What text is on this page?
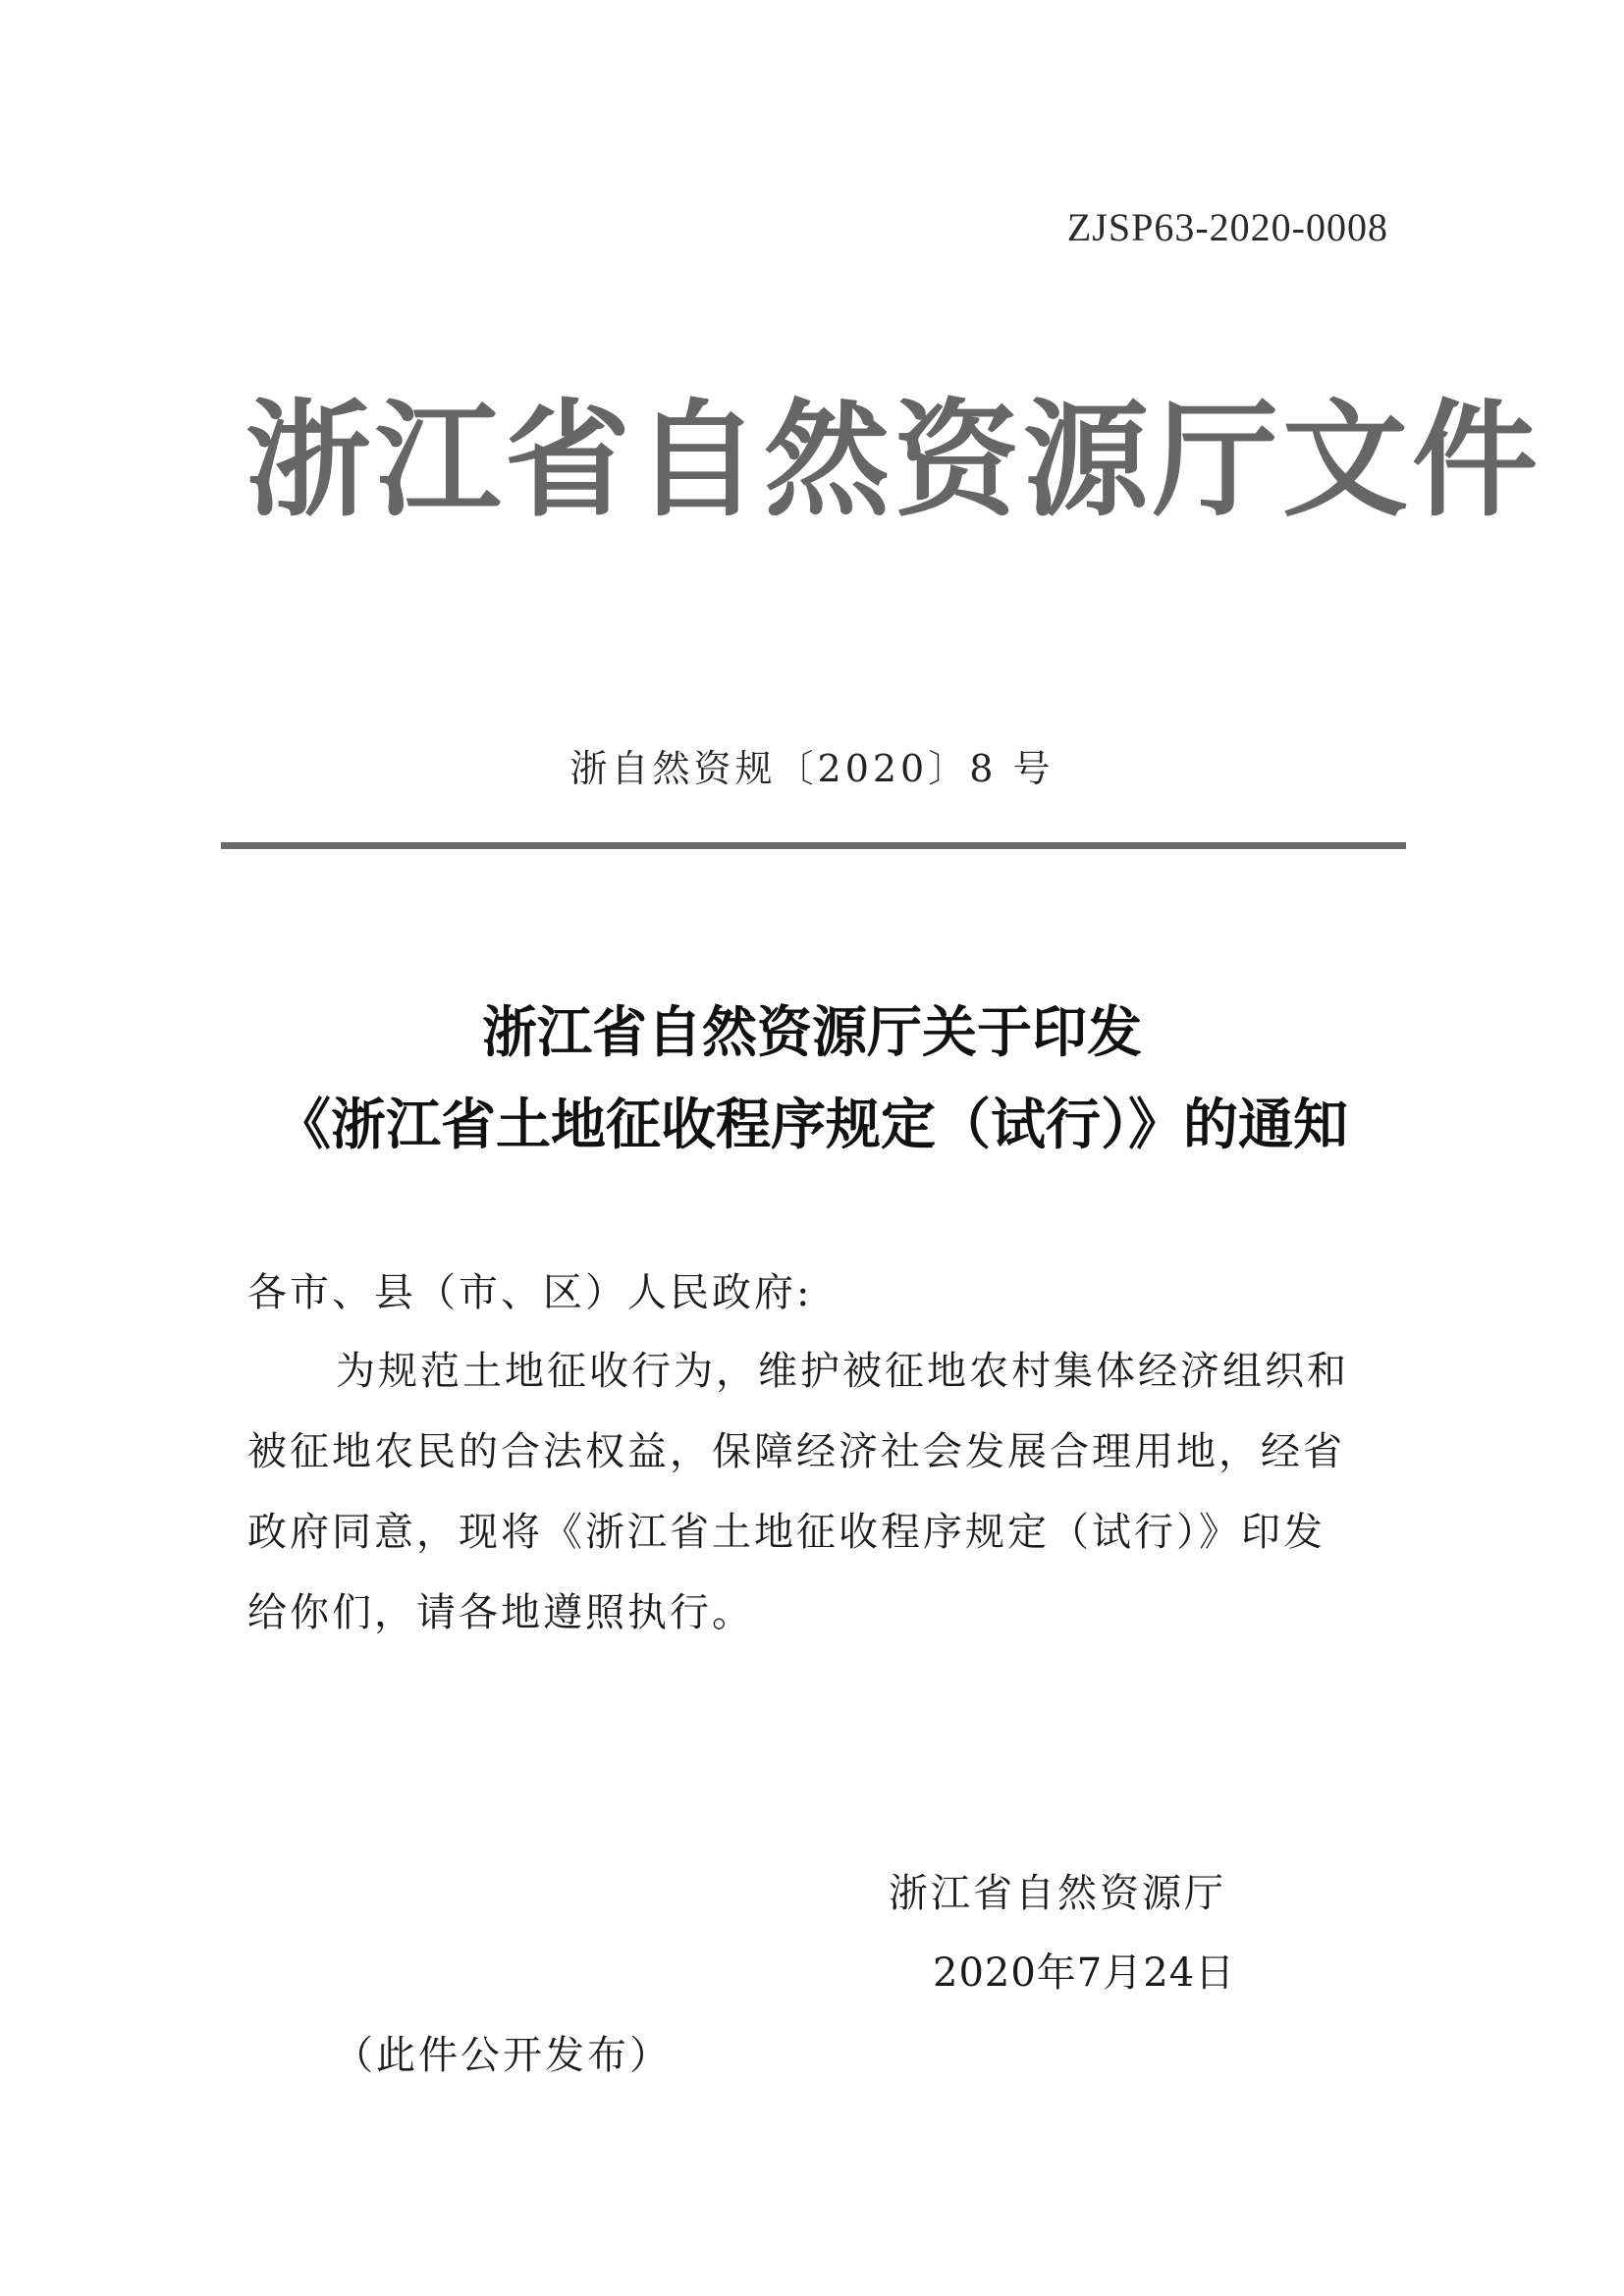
ZJSP63-2020-0008
浙江省自然资源厅文件
浙自然资规〔2020〕8 号
浙江省自然资源厅关于印发
《浙江省土地征收程序规定（试行）》的通知
各市、县（市、区）人民政府:
为规范土地征收行为，维护被征地农村集体经济组织和
被征地农民的合法权益，保障经济社会发展合理用地，经省
政府同意，现将《浙江省土地征收程序规定（试行）》印发
给你们，请各地遵照执行。
浙江省自然资源厅
2020年7月24日
（此件公开发布）
